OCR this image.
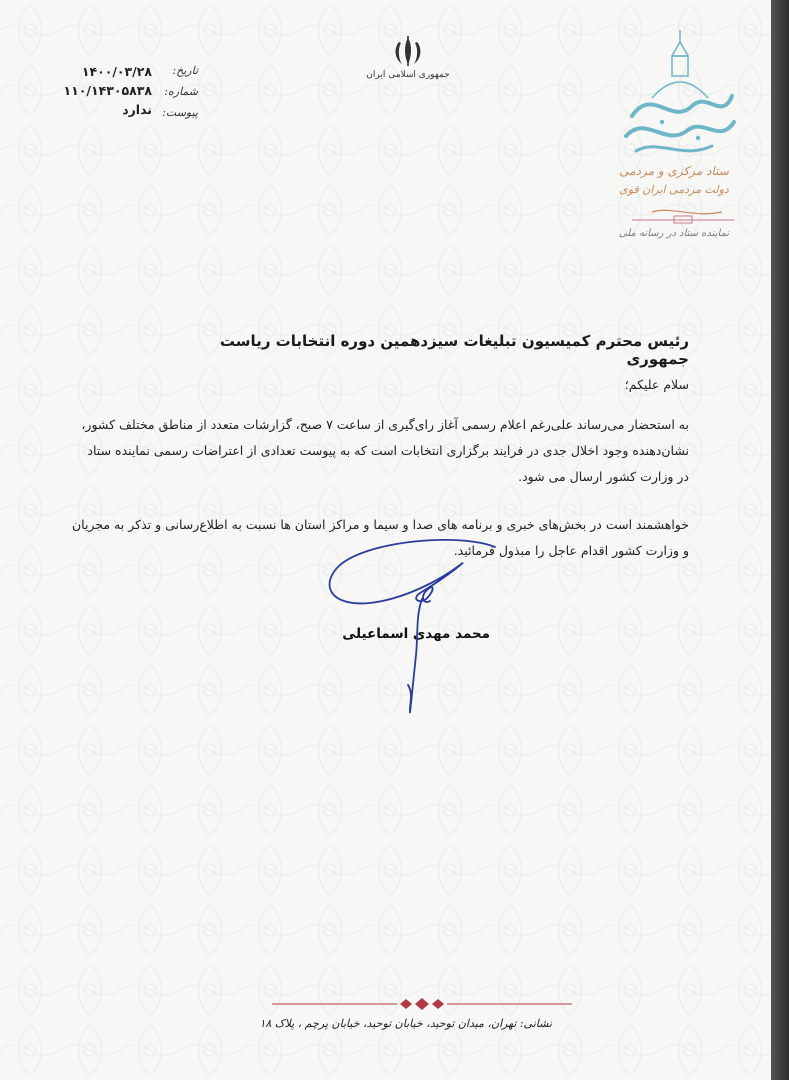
۱۴۰۰/۰۳/۲۸
۱۱۰/۱۴۳۰۵۸۳۸
ندارد
تاریخ:
شماره:
پیوست:
جمهوری اسلامی ایران
ستاد مرکزی و مردمی
دولت مردمی ایران قوی
نماینده ستاد در رسانه ملی
رئیس محترم کمیسیون تبلیغات سیزدهمین دوره انتخابات ریاست جمهوری
سلام علیکم؛
به استحضار می‌رساند علی‌رغم اعلام رسمی آغاز رای‌گیری از ساعت ۷ صبح، گزارشات متعدد از مناطق مختلف کشور،
نشان‌دهنده وجود اخلال جدی در فرایند برگزاری انتخابات است که به پیوست تعدادی از اعتراضات رسمی نماینده ستاد
در وزارت کشور ارسال می شود.
خواهشمند است در بخش‌های خبری و برنامه های صدا و سیما و مراکز استان ها نسبت به اطلاع‌رسانی و تذکر به مجریان
و وزارت کشور اقدام عاجل را مبذول فرمائید.
محمد مهدی اسماعیلی
نشانی: تهران، میدان توحید، خیابان توحید، خیابان پرچم ، پلاک ۱۸
